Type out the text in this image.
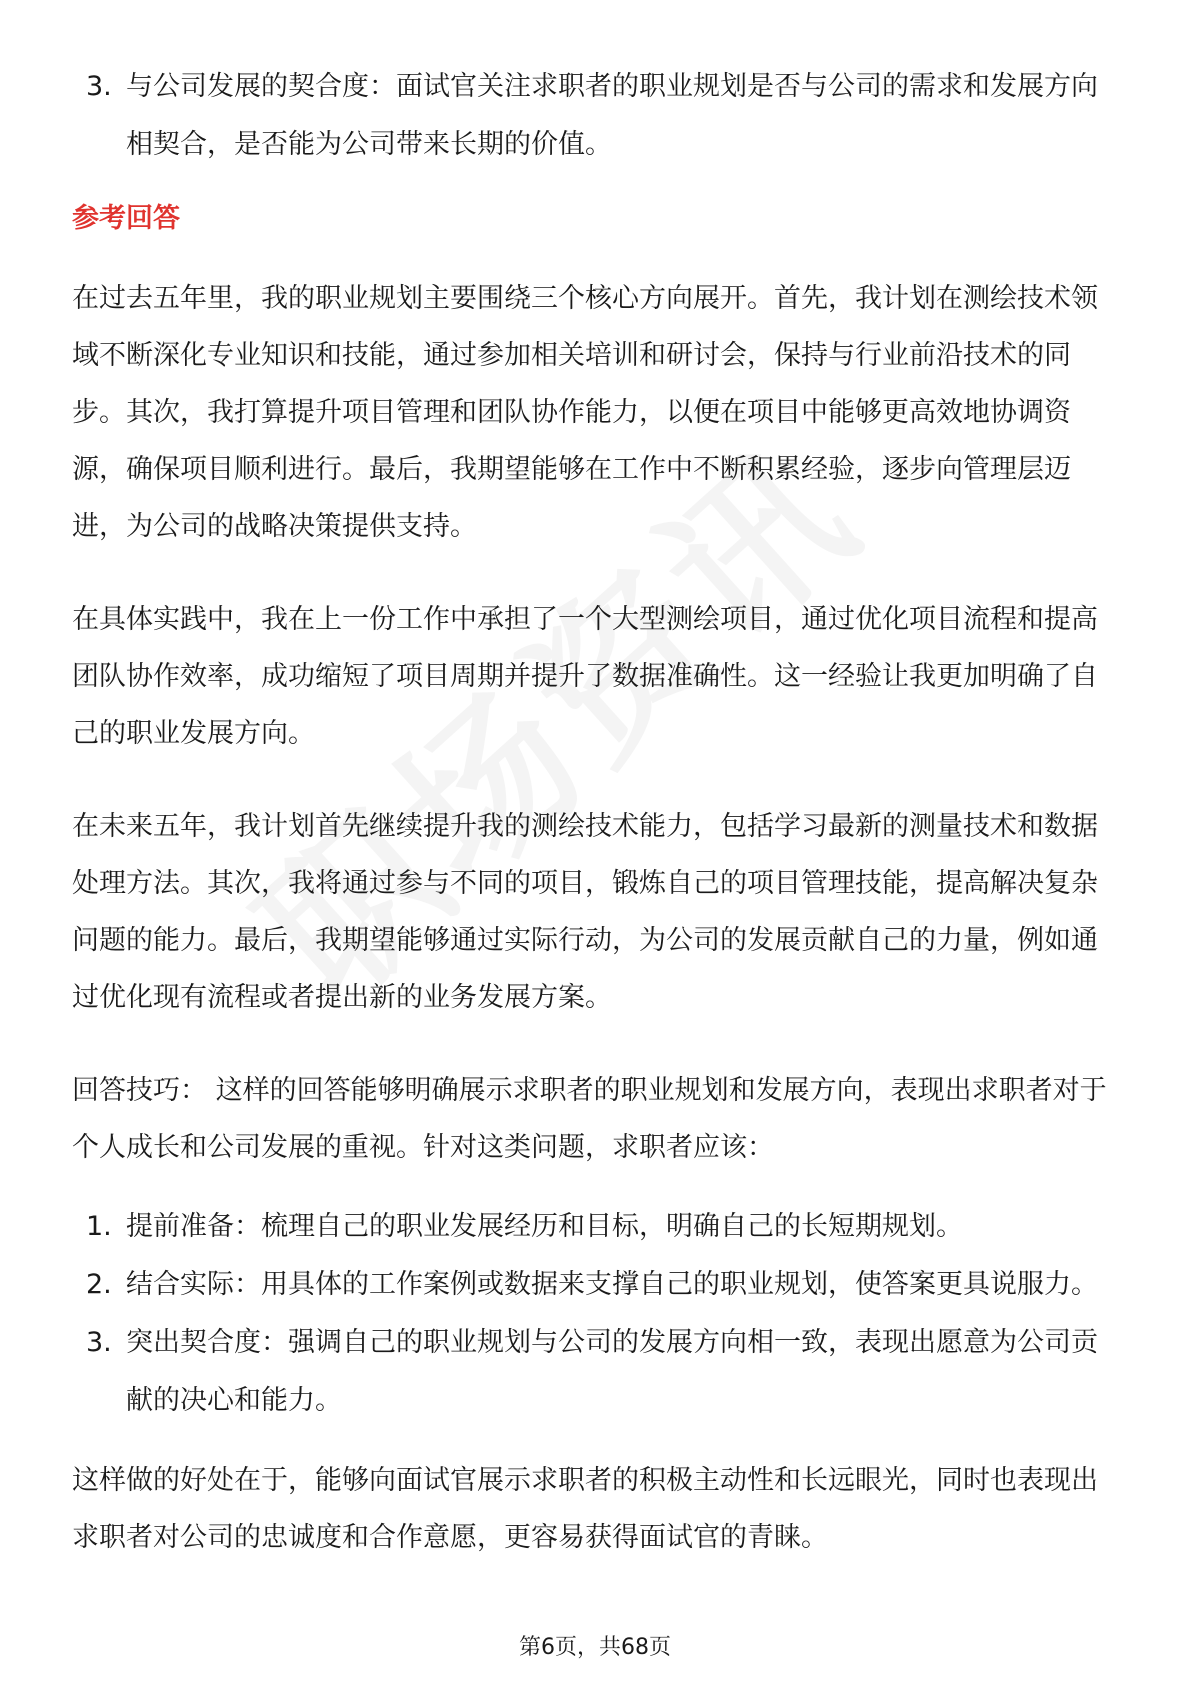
3. 与公司发展的契合度：面试官关注求职者的职业规划是否与公司的需求和发展方向相契合，是否能为公司带来长期的价值。
参考回答

在过去五年里，我的职业规划主要围绕三个核心方向展开。首先，我计划在测绘技术领域不断深化专业知识和技能，通过参加相关培训和研讨会，保持与行业前沿技术的同步。其次，我打算提升项目管理和团队协作能力，以便在项目中能够更高效地协调资源，确保项目顺利进行。最后，我期望能够在工作中不断积累经验，逐步向管理层迈进，为公司的战略决策提供支持。

在具体实践中，我在上一份工作中承担了一个大型测绘项目，通过优化项目流程和提高团队协作效率，成功缩短了项目周期并提升了数据准确性。这一经验让我更加明确了自己的职业发展方向。

在未来五年，我计划首先继续提升我的测绘技术能力，包括学习最新的测量技术和数据处理方法。其次，我将通过参与不同的项目，锻炼自己的项目管理技能，提高解决复杂问题的能力。最后，我期望能够通过实际行动，为公司的发展贡献自己的力量，例如通过优化现有流程或者提出新的业务发展方案。

回答技巧： 这样的回答能够明确展示求职者的职业规划和发展方向，表现出求职者对于个人成长和公司发展的重视。针对这类问题，求职者应该：

1. 提前准备：梳理自己的职业发展经历和目标，明确自己的长短期规划。
2. 结合实际：用具体的工作案例或数据来支撑自己的职业规划，使答案更具说服力。
3. 突出契合度：强调自己的职业规划与公司的发展方向相一致，表现出愿意为公司贡献的决心和能力。

这样做的好处在于，能够向面试官展示求职者的积极主动性和长远眼光，同时也表现出求职者对公司的忠诚度和合作意愿，更容易获得面试官的青睐。

第6页，共68页
